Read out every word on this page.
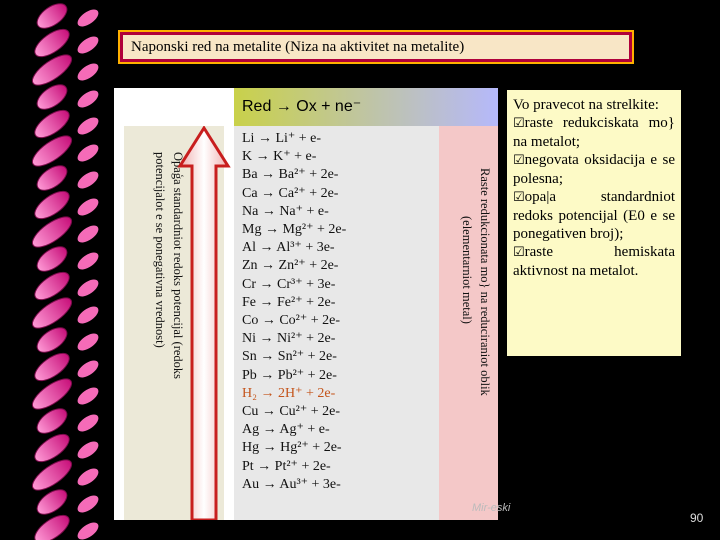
Naponski red na metalite (Niza na aktivitet na metalite)
Red → Ox + ne⁻
Opaģa standardniot redoks potencijal (redoks
potencijalot e se ponegativna vrednost)
Li → Li⁺ + e-
K → K⁺ + e-
Ba → Ba²⁺ + 2e-
Ca → Ca²⁺ + 2e-
Na → Na⁺ + e-
Mg → Mg²⁺ + 2e-
Al → Al³⁺ + 3e-
Zn → Zn²⁺ + 2e-
Cr → Cr³⁺ + 3e-
Fe → Fe²⁺ + 2e-
Co → Co²⁺ + 2e-
Ni → Ni²⁺ + 2e-
Sn → Sn²⁺ + 2e-
Pb → Pb²⁺ + 2e-
H₂ → 2H⁺ + 2e-
Cu → Cu²⁺ + 2e-
Ag → Ag⁺ + e-
Hg → Hg²⁺ + 2e-
Pt → Pt²⁺ + 2e-
Au → Au³⁺ + 3e-
Raste redukcionata mo} na reduciraniot oblik
(elementarniot metal)

Vo pravecot na strelkite:

☑raste redukciskata mo} na metalot;

☑negovata oksidacija e se polesna;

☑opa|a standardniot redoks potencijal (E0 e se ponegativen broj);

☑raste hemiskata aktivnost na metalot.

Mir-eski
90
